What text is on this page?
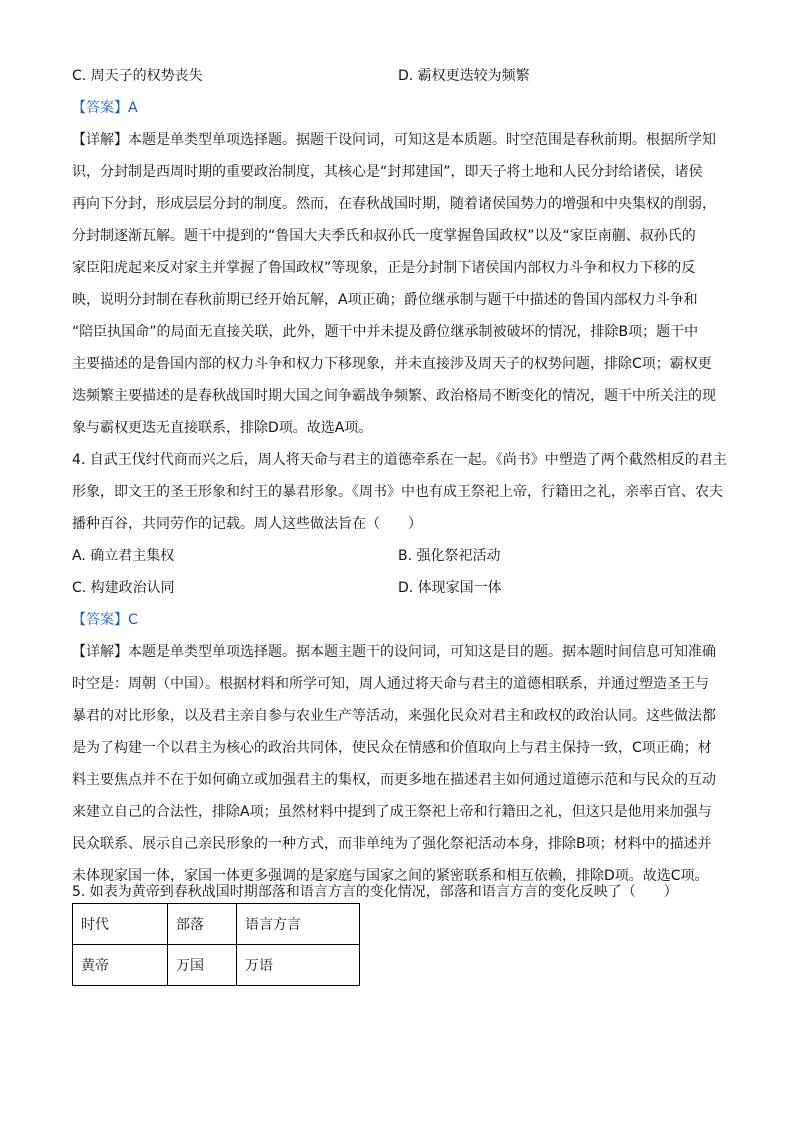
C. 周天子的权势丧失	D. 霸权更迭较为频繁
【答案】A
【详解】本题是单类型单项选择题。据题干设问词，可知这是本质题。时空范围是春秋前期。根据所学知
识，分封制是西周时期的重要政治制度，其核心是“封邦建国”，即天子将土地和人民分封给诸侯，诸侯
再向下分封，形成层层分封的制度。然而，在春秋战国时期，随着诸侯国势力的增强和中央集权的削弱，
分封制逐渐瓦解。题干中提到的“鲁国大夫季氏和叔孙氏一度掌握鲁国政权”以及“家臣南蒯、叔孙氏的
家臣阳虎起来反对家主并掌握了鲁国政权”等现象，正是分封制下诸侯国内部权力斗争和权力下移的反
映，说明分封制在春秋前期已经开始瓦解，A项正确；爵位继承制与题干中描述的鲁国内部权力斗争和
“陪臣执国命”的局面无直接关联，此外，题干中并未提及爵位继承制被破坏的情况，排除B项；题干中
主要描述的是鲁国内部的权力斗争和权力下移现象，并未直接涉及周天子的权势问题，排除C项；霸权更
迭频繁主要描述的是春秋战国时期大国之间争霸战争频繁、政治格局不断变化的情况，题干中所关注的现
象与霸权更迭无直接联系，排除D项。故选A项。
4. 自武王伐纣代商而兴之后，周人将天命与君主的道德牵系在一起。《尚书》中塑造了两个截然相反的君主
形象，即文王的圣王形象和纣王的暴君形象。《周书》中也有成王祭祀上帝，行籍田之礼，亲率百官、农夫
播种百谷，共同劳作的记载。周人这些做法旨在（　　）
A. 确立君主集权	B. 强化祭祀活动
C. 构建政治认同	D. 体现家国一体
【答案】C
【详解】本题是单类型单项选择题。据本题主题干的设问词，可知这是目的题。据本题时间信息可知准确
时空是：周朝（中国）。根据材料和所学可知，周人通过将天命与君主的道德相联系，并通过塑造圣王与
暴君的对比形象，以及君主亲自参与农业生产等活动，来强化民众对君主和政权的政治认同。这些做法都
是为了构建一个以君主为核心的政治共同体，使民众在情感和价值取向上与君主保持一致，C项正确；材
料主要焦点并不在于如何确立或加强君主的集权，而更多地在描述君主如何通过道德示范和与民众的互动
来建立自己的合法性，排除A项；虽然材料中提到了成王祭祀上帝和行籍田之礼，但这只是他用来加强与
民众联系、展示自己亲民形象的一种方式，而非单纯为了强化祭祀活动本身，排除B项；材料中的描述并
未体现家国一体，家国一体更多强调的是家庭与国家之间的紧密联系和相互依赖，排除D项。故选C项。
5. 如表为黄帝到春秋战国时期部落和语言方言的变化情况，部落和语言方言的变化反映了（　　）
时代	部落	语言方言
黄帝	万国	万语
